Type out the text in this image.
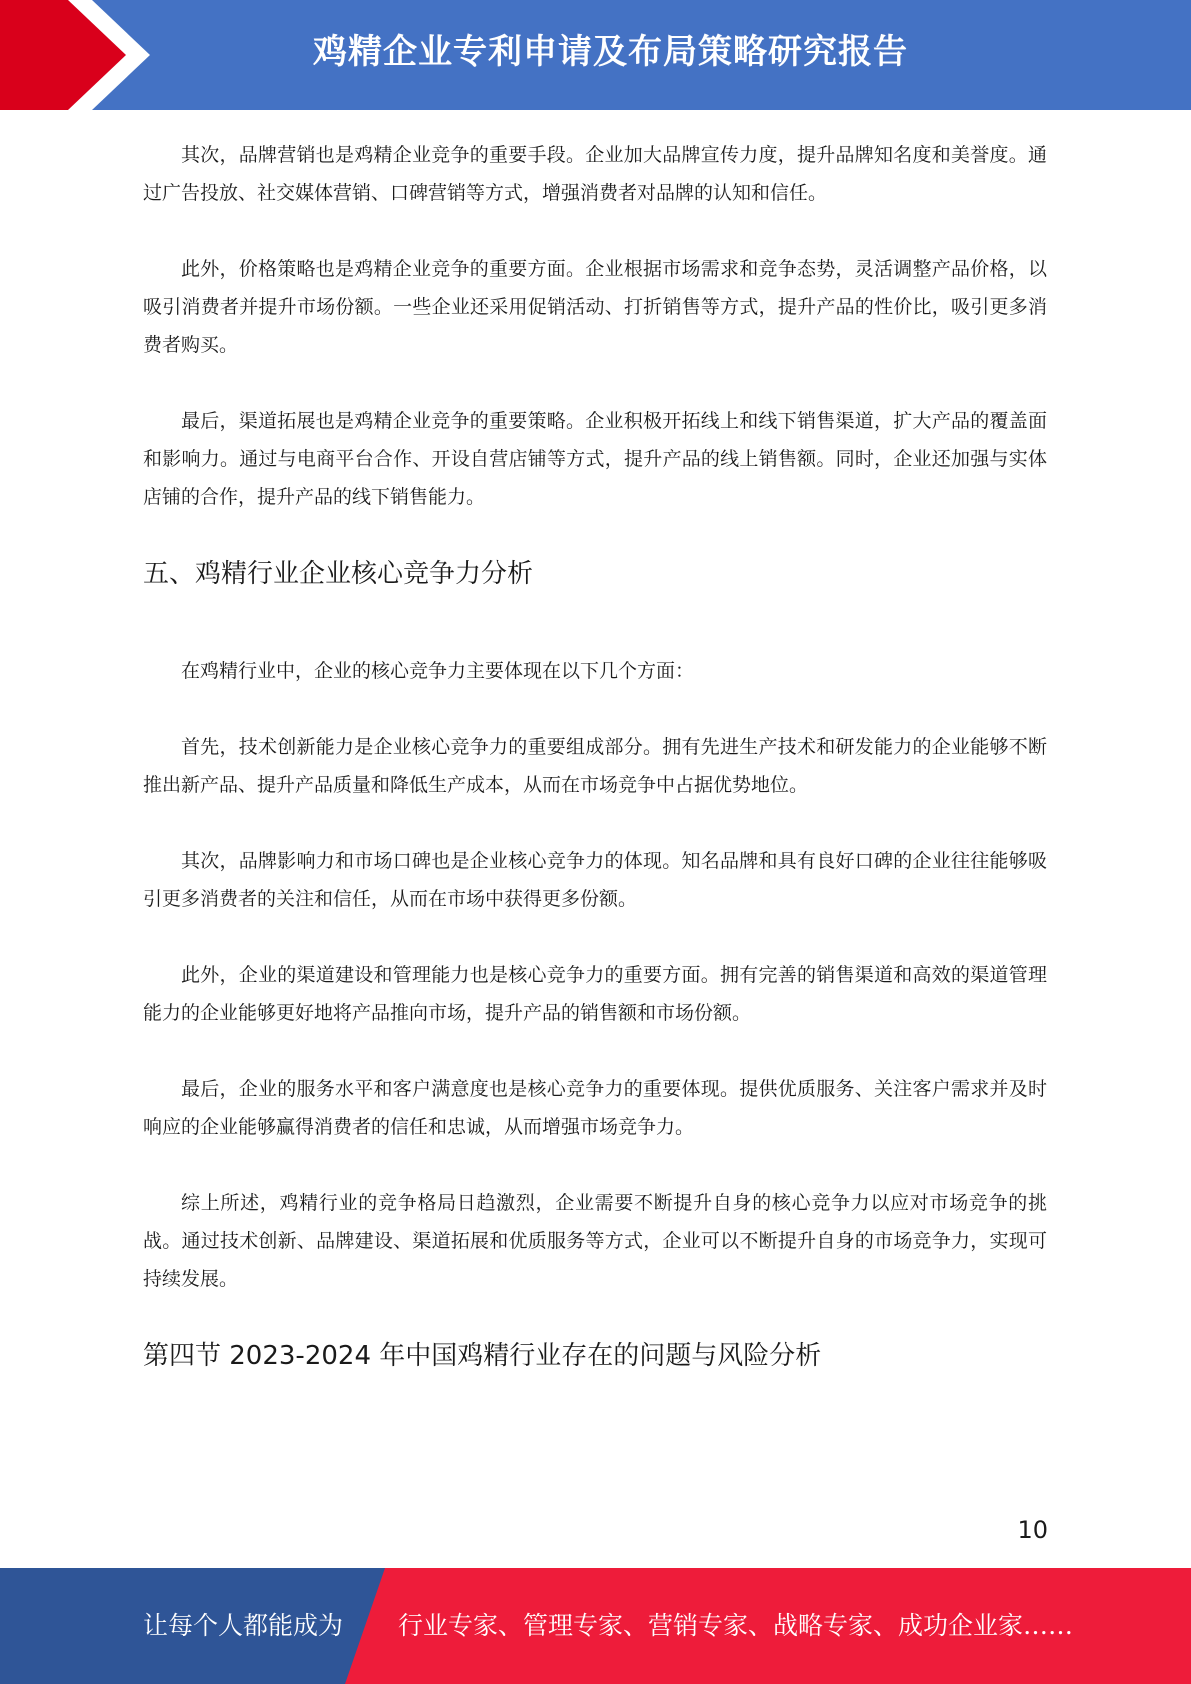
鸡精企业专利申请及布局策略研究报告

其次，品牌营销也是鸡精企业竞争的重要手段。企业加大品牌宣传力度，提升品牌知名度和美誉度。通过广告投放、社交媒体营销、口碑营销等方式，增强消费者对品牌的认知和信任。

此外，价格策略也是鸡精企业竞争的重要方面。企业根据市场需求和竞争态势，灵活调整产品价格，以吸引消费者并提升市场份额。一些企业还采用促销活动、打折销售等方式，提升产品的性价比，吸引更多消费者购买。

最后，渠道拓展也是鸡精企业竞争的重要策略。企业积极开拓线上和线下销售渠道，扩大产品的覆盖面和影响力。通过与电商平台合作、开设自营店铺等方式，提升产品的线上销售额。同时，企业还加强与实体店铺的合作，提升产品的线下销售能力。

五、鸡精行业企业核心竞争力分析

在鸡精行业中，企业的核心竞争力主要体现在以下几个方面：

首先，技术创新能力是企业核心竞争力的重要组成部分。拥有先进生产技术和研发能力的企业能够不断推出新产品、提升产品质量和降低生产成本，从而在市场竞争中占据优势地位。

其次，品牌影响力和市场口碑也是企业核心竞争力的体现。知名品牌和具有良好口碑的企业往往能够吸引更多消费者的关注和信任，从而在市场中获得更多份额。

此外，企业的渠道建设和管理能力也是核心竞争力的重要方面。拥有完善的销售渠道和高效的渠道管理能力的企业能够更好地将产品推向市场，提升产品的销售额和市场份额。

最后，企业的服务水平和客户满意度也是核心竞争力的重要体现。提供优质服务、关注客户需求并及时响应的企业能够赢得消费者的信任和忠诚，从而增强市场竞争力。

综上所述，鸡精行业的竞争格局日趋激烈，企业需要不断提升自身的核心竞争力以应对市场竞争的挑战。通过技术创新、品牌建设、渠道拓展和优质服务等方式，企业可以不断提升自身的市场竞争力，实现可持续发展。

第四节 2023-2024 年中国鸡精行业存在的问题与风险分析
10
让每个人都能成为 行业专家、管理专家、营销专家、战略专家、成功企业家……
